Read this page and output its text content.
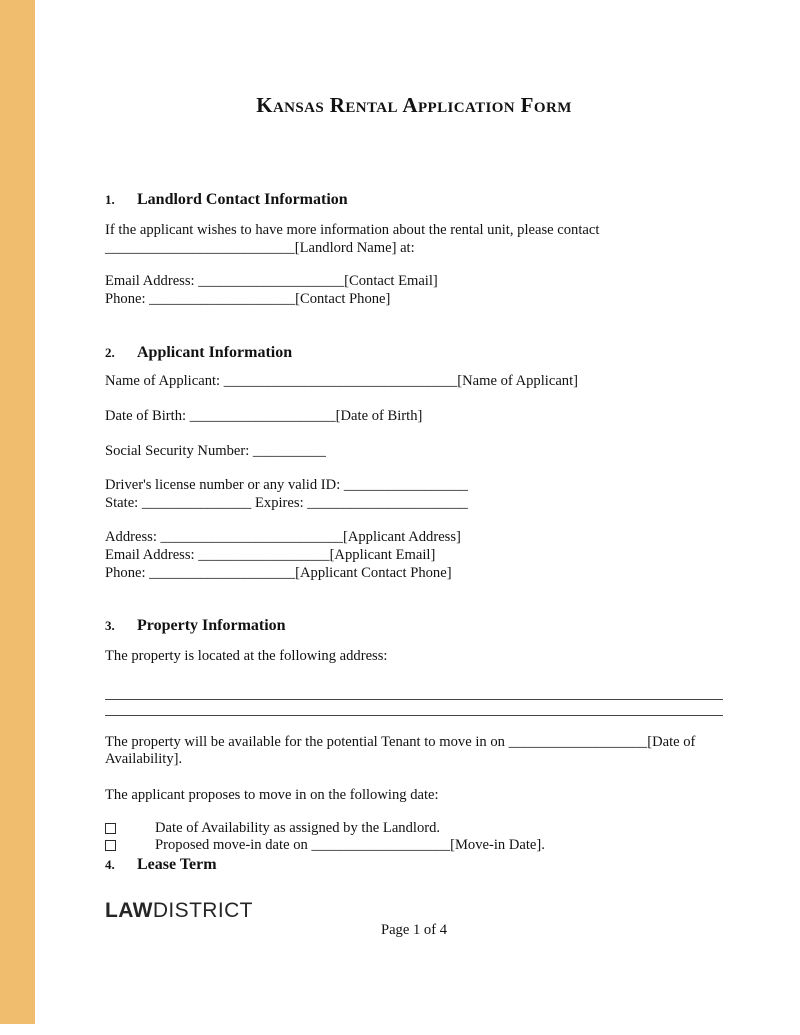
Kansas Rental Application Form
1.	Landlord Contact Information
If the applicant wishes to have more information about the rental unit, please contact
__________________________[Landlord Name] at:
Email Address: ____________________[Contact Email]
Phone: ____________________[Contact Phone]
2.	Applicant Information
Name of Applicant: ________________________________[Name of Applicant]
Date of Birth: ____________________[Date of Birth]
Social Security Number: __________
Driver's license number or any valid ID: _________________
State: _______________ Expires: ______________________
Address: _________________________[Applicant Address]
Email Address: __________________[Applicant Email]
Phone: ____________________[Applicant Contact Phone]
3.	Property Information
The property is located at the following address:
The property will be available for the potential Tenant to move in on ___________________[Date of
Availability].
The applicant proposes to move in on the following date:
Date of Availability as assigned by the Landlord.
Proposed move-in date on ___________________[Move-in Date].
4.	Lease Term
LAWDISTRICT
Page 1 of 4
